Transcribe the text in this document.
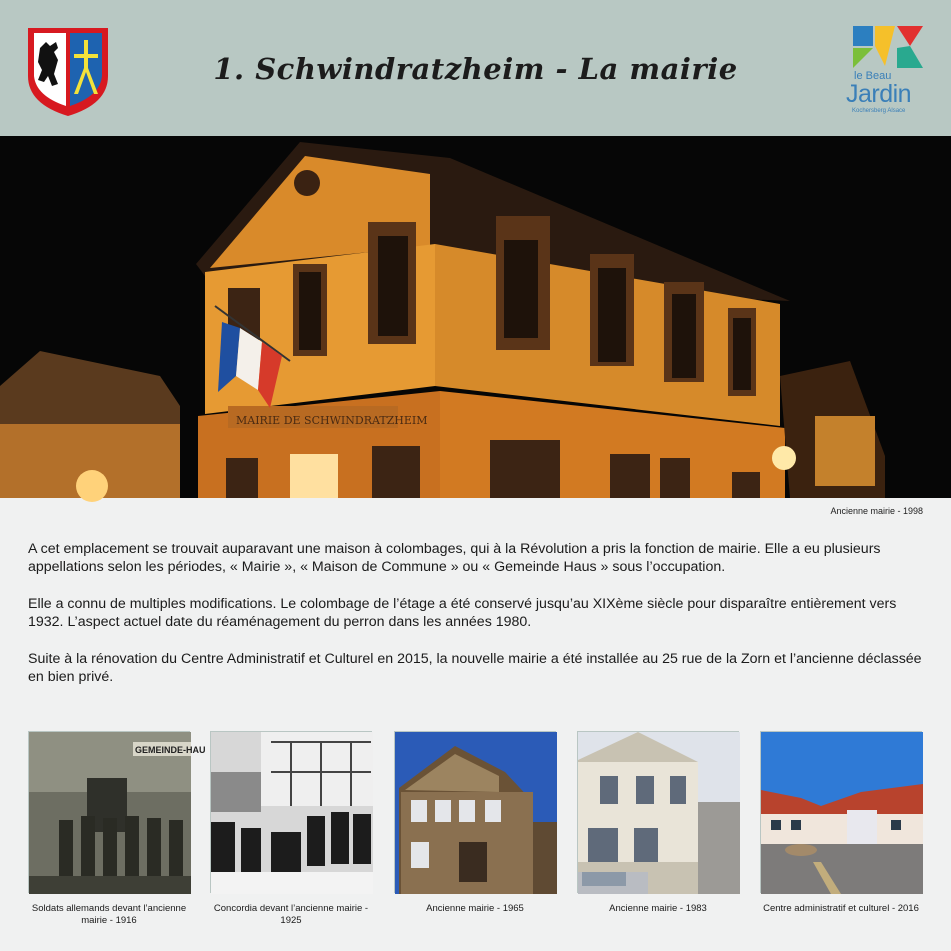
1. Schwindratzheim - La mairie	le Beau
Jardin
Kochersberg Alsace
MAIRIE DE SCHWINDRATZHEIM
Ancienne mairie - 1998

A cet emplacement se trouvait auparavant une maison à colombages, qui à la Révolution a pris la fonction de mairie. Elle a eu plusieurs appellations selon les périodes, « Mairie », « Maison de Commune » ou « Gemeinde Haus » sous l’occupation.

Elle a connu de multiples modifications. Le colombage de l’étage a été conservé jusqu’au XIXème siècle pour disparaître entièrement vers 1932. L’aspect actuel date du réaménagement du perron dans les années 1980.

Suite à la rénovation du Centre Administratif et Culturel en 2015, la nouvelle mairie a été installée au 25 rue de la Zorn et l’ancienne déclassée en bien privé.

GEMEINDE-HAU
Soldats allemands devant l’ancienne mairie - 1916
Concordia devant l’ancienne mairie - 1925
Ancienne mairie - 1965	Ancienne mairie - 1983	Centre administratif et culturel - 2016
